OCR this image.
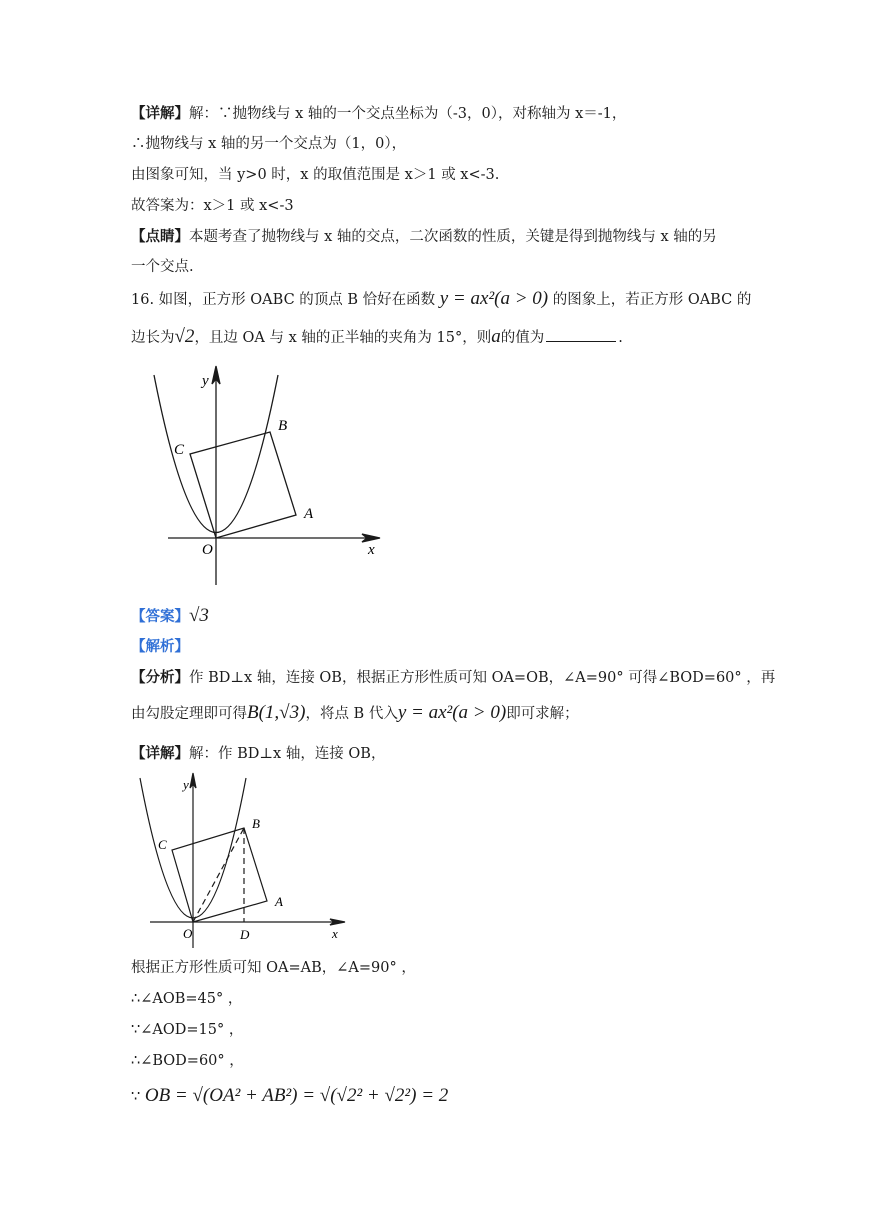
【详解】解：∵抛物线与 x 轴的一个交点坐标为（-3，0），对称轴为 x＝-1，
∴抛物线与 x 轴的另一个交点为（1，0），
由图象可知，当 y>0 时，x 的取值范围是 x＞1 或 x<-3.
故答案为：x＞1 或 x<-3
【点睛】本题考查了抛物线与 x 轴的交点，二次函数的性质，关键是得到抛物线与 x 轴的另
一个交点.
16. 如图，正方形 OABC 的顶点 B 恰好在函数 y = ax²(a > 0) 的图象上，若正方形 OABC 的
边长为√2，且边 OA 与 x 轴的正半轴的夹角为 15°，则a的值为	.
y
x
O
A
B
C
【答案】√3
【解析】
【分析】作 BD⊥x 轴，连接 OB，根据正方形性质可知 OA=OB，∠A=90° 可得∠BOD=60° ，再
由勾股定理即可得B(1,√3)，将点 B 代入y = ax²(a > 0)即可求解；
【详解】解：作 BD⊥x 轴，连接 OB，
y
x
O
A
B
C
D
根据正方形性质可知 OA=AB，∠A=90° ，
∴∠AOB=45° ，
∵∠AOD=15° ，
∴∠BOD=60° ，
∵ OB = √(OA² + AB²) = √(√2² + √2²) = 2
